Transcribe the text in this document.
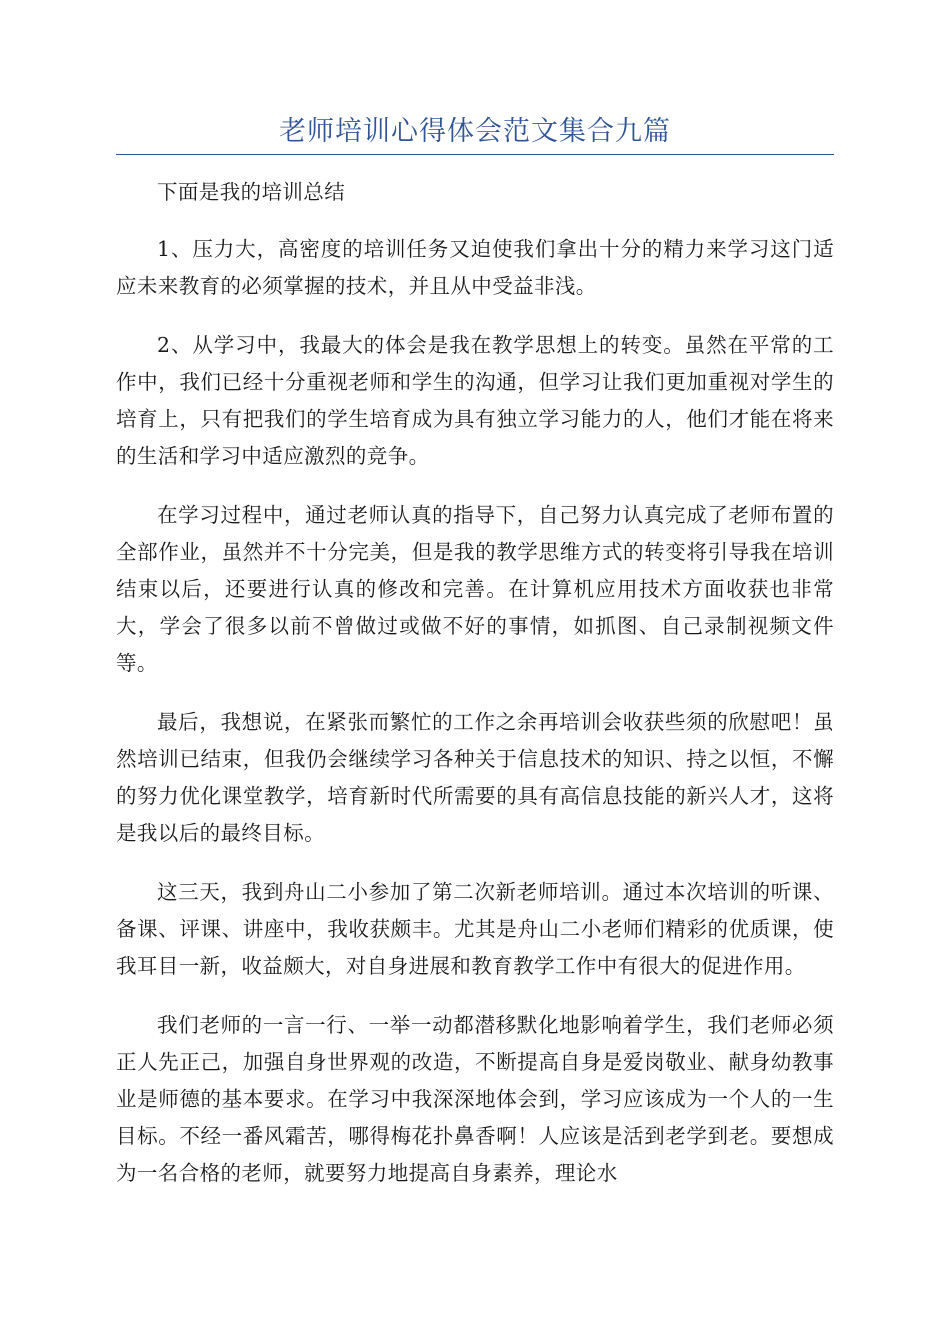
老师培训心得体会范文集合九篇

下面是我的培训总结

1、压力大，高密度的培训任务又迫使我们拿出十分的精力来学习这门适应未来教育的必须掌握的技术，并且从中受益非浅。

2、从学习中，我最大的体会是我在教学思想上的转变。虽然在平常的工作中，我们已经十分重视老师和学生的沟通，但学习让我们更加重视对学生的培育上，只有把我们的学生培育成为具有独立学习能力的人，他们才能在将来的生活和学习中适应激烈的竞争。

在学习过程中，通过老师认真的指导下，自己努力认真完成了老师布置的全部作业，虽然并不十分完美，但是我的教学思维方式的转变将引导我在培训结束以后，还要进行认真的修改和完善。在计算机应用技术方面收获也非常大，学会了很多以前不曾做过或做不好的事情，如抓图、自己录制视频文件等。

最后，我想说，在紧张而繁忙的工作之余再培训会收获些须的欣慰吧！虽然培训已结束，但我仍会继续学习各种关于信息技术的知识、持之以恒，不懈的努力优化课堂教学，培育新时代所需要的具有高信息技能的新兴人才，这将是我以后的最终目标。

这三天，我到舟山二小参加了第二次新老师培训。通过本次培训的听课、备课、评课、讲座中，我收获颇丰。尤其是舟山二小老师们精彩的优质课，使我耳目一新，收益颇大，对自身进展和教育教学工作中有很大的促进作用。

我们老师的一言一行、一举一动都潜移默化地影响着学生，我们老师必须正人先正己，加强自身世界观的改造，不断提高自身是爱岗敬业、献身幼教事业是师德的基本要求。在学习中我深深地体会到，学习应该成为一个人的一生目标。不经一番风霜苦，哪得梅花扑鼻香啊！人应该是活到老学到老。要想成为一名合格的老师，就要努力地提高自身素养，理论水
